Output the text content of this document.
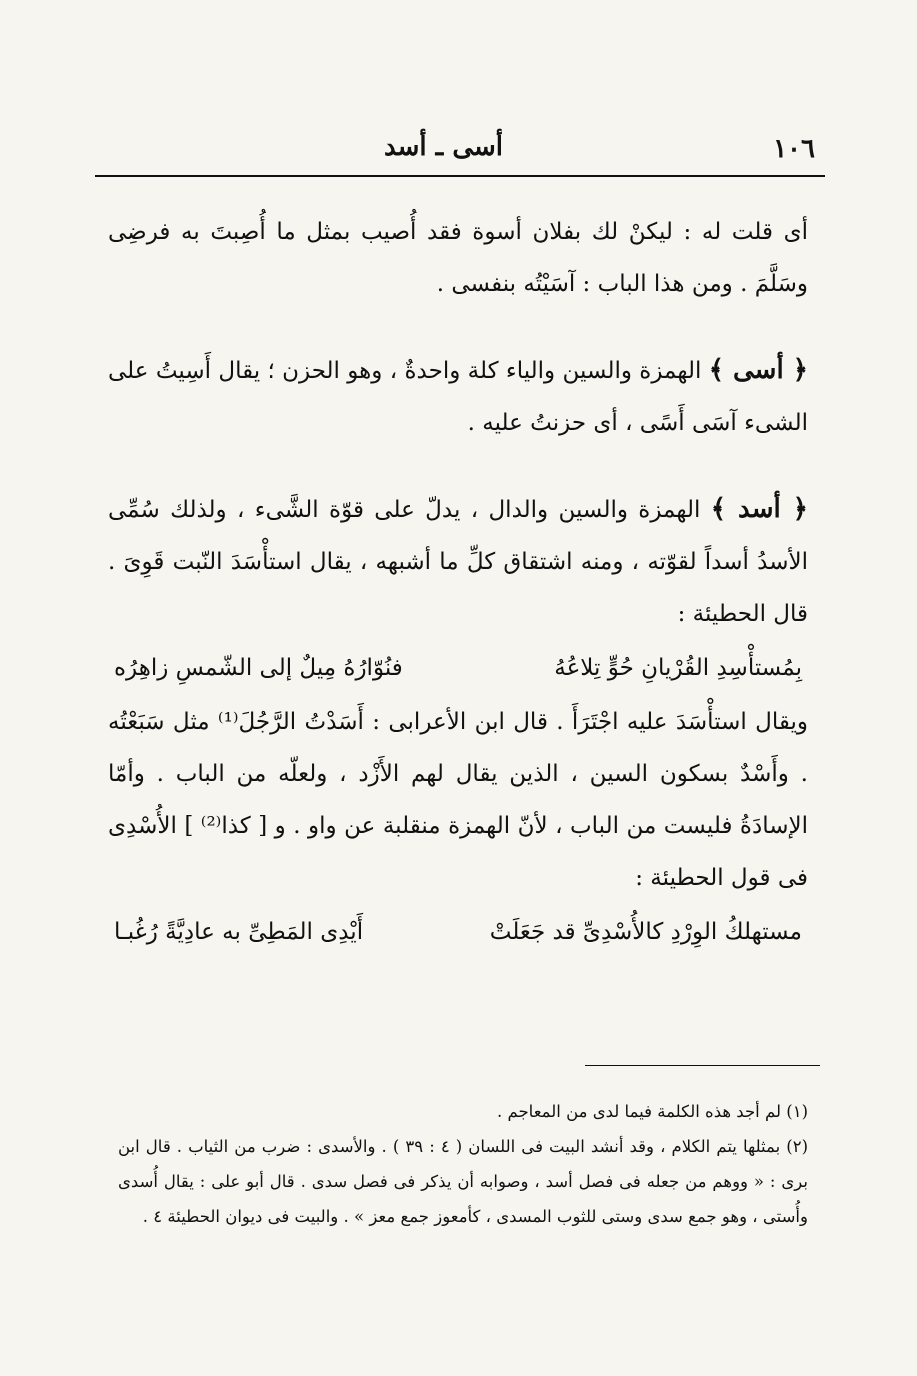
١٠٦
أسى ـ أسد

أى قلت له : ليكنْ لك بفلان أسوة فقد أُصيب بمثل ما أُصِبتَ به فرضِى وسَلَّمَ . ومن هذا الباب : آسَيْتُه بنفسى .

﴿ أسى ﴾ الهمزة والسين والياء كلة واحدةٌ ، وهو الحزن ؛ يقال أَسِيتُ على الشىء آسَى أَسًى ، أى حزنتُ عليه .

﴿ أسد ﴾ الهمزة والسين والدال ، يدلّ على قوّة الشَّىء ، ولذلك سُمِّى الأسدُ أسداً لقوّته ، ومنه اشتقاق كلِّ ما أشبهه ، يقال استأْسَدَ النّبت قَوِىَ . قال الحطيئة :

بِمُستأْسِدِ القُرْيانِ حُوٍّ تِلاعُهُ
فنُوّارُهُ مِيلٌ إلى الشّمسِ زاهِرُه

ويقال استأْسَدَ عليه اجْتَرَأَ . قال ابن الأعرابى : أَسَدْتُ الرَّجُلَ⁽¹⁾ مثل سَبَعْتُه . وأَسْدٌ بسكون السين ، الذين يقال لهم الأَزْد ، ولعلّه من الباب . وأمّا الإسادَةُ فليست من الباب ، لأنّ الهمزة منقلبة عن واو . و [ كذا⁽²⁾ ] الأُسْدِى فى قول الحطيئة :

مستهلكُ الوِرْدِ كالأُسْدِىِّ قد جَعَلَتْ
أَيْدِى المَطِىِّ به عادِيَّةً رُغُبـا

(١) لم أجد هذه الكلمة فيما لدى من المعاجم .

(٢) بمثلها يتم الكلام ، وقد أنشد البيت فى اللسان ( ٤ : ٣٩ ) . والأسدى : ضرب من الثياب . قال ابن برى : « ووهم من جعله فى فصل أسد ، وصوابه أن يذكر فى فصل سدى . قال أبو على : يقال أُسدى وأُستى ، وهو جمع سدى وستى للثوب المسدى ، كأمعوز جمع معز » . والبيت فى ديوان الحطيئة ٤ .
